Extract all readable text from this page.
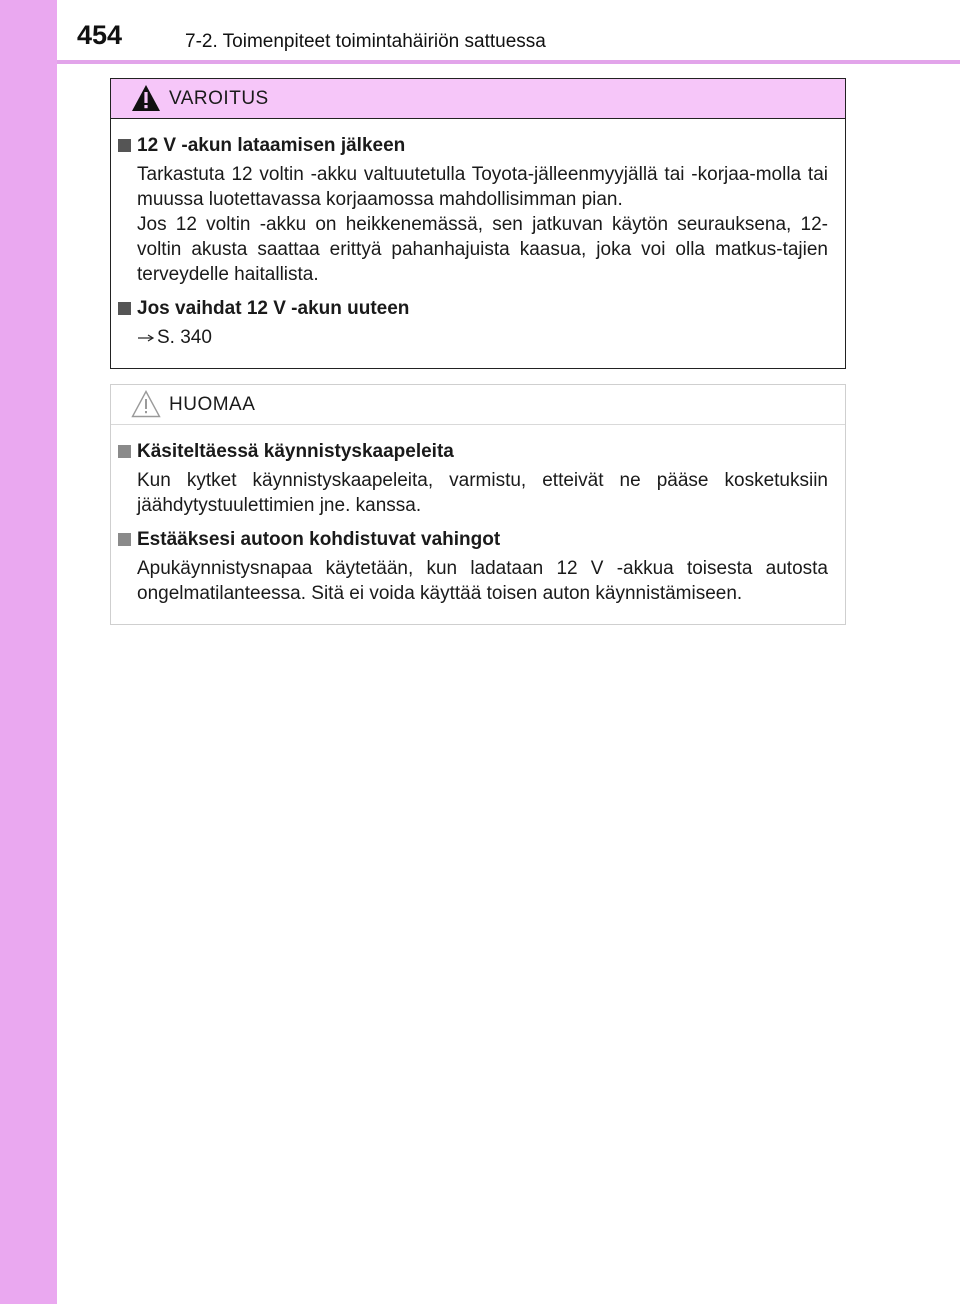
454	7-2. Toimenpiteet toimintahäiriön sattuessa
VAROITUS
12 V -akun lataamisen jälkeen

Tarkastuta 12 voltin -akku valtuutetulla Toyota-jälleenmyyjällä tai -korjaa-molla tai muussa luotettavassa korjaamossa mahdollisimman pian.

Jos 12 voltin -akku on heikkenemässä, sen jatkuvan käytön seurauksena, 12-voltin akusta saattaa erittyä pahanhajuista kaasua, joka voi olla matkus-tajien terveydelle haitallista.

Jos vaihdat 12 V -akun uuteen
S. 340
HUOMAA
Käsiteltäessä käynnistyskaapeleita

Kun kytket käynnistyskaapeleita, varmistu, etteivät ne pääse kosketuksiin jäähdytystuulettimien jne. kanssa.

Estääksesi autoon kohdistuvat vahingot

Apukäynnistysnapaa käytetään, kun ladataan 12 V -akkua toisesta autosta ongelmatilanteessa. Sitä ei voida käyttää toisen auton käynnistämiseen.
